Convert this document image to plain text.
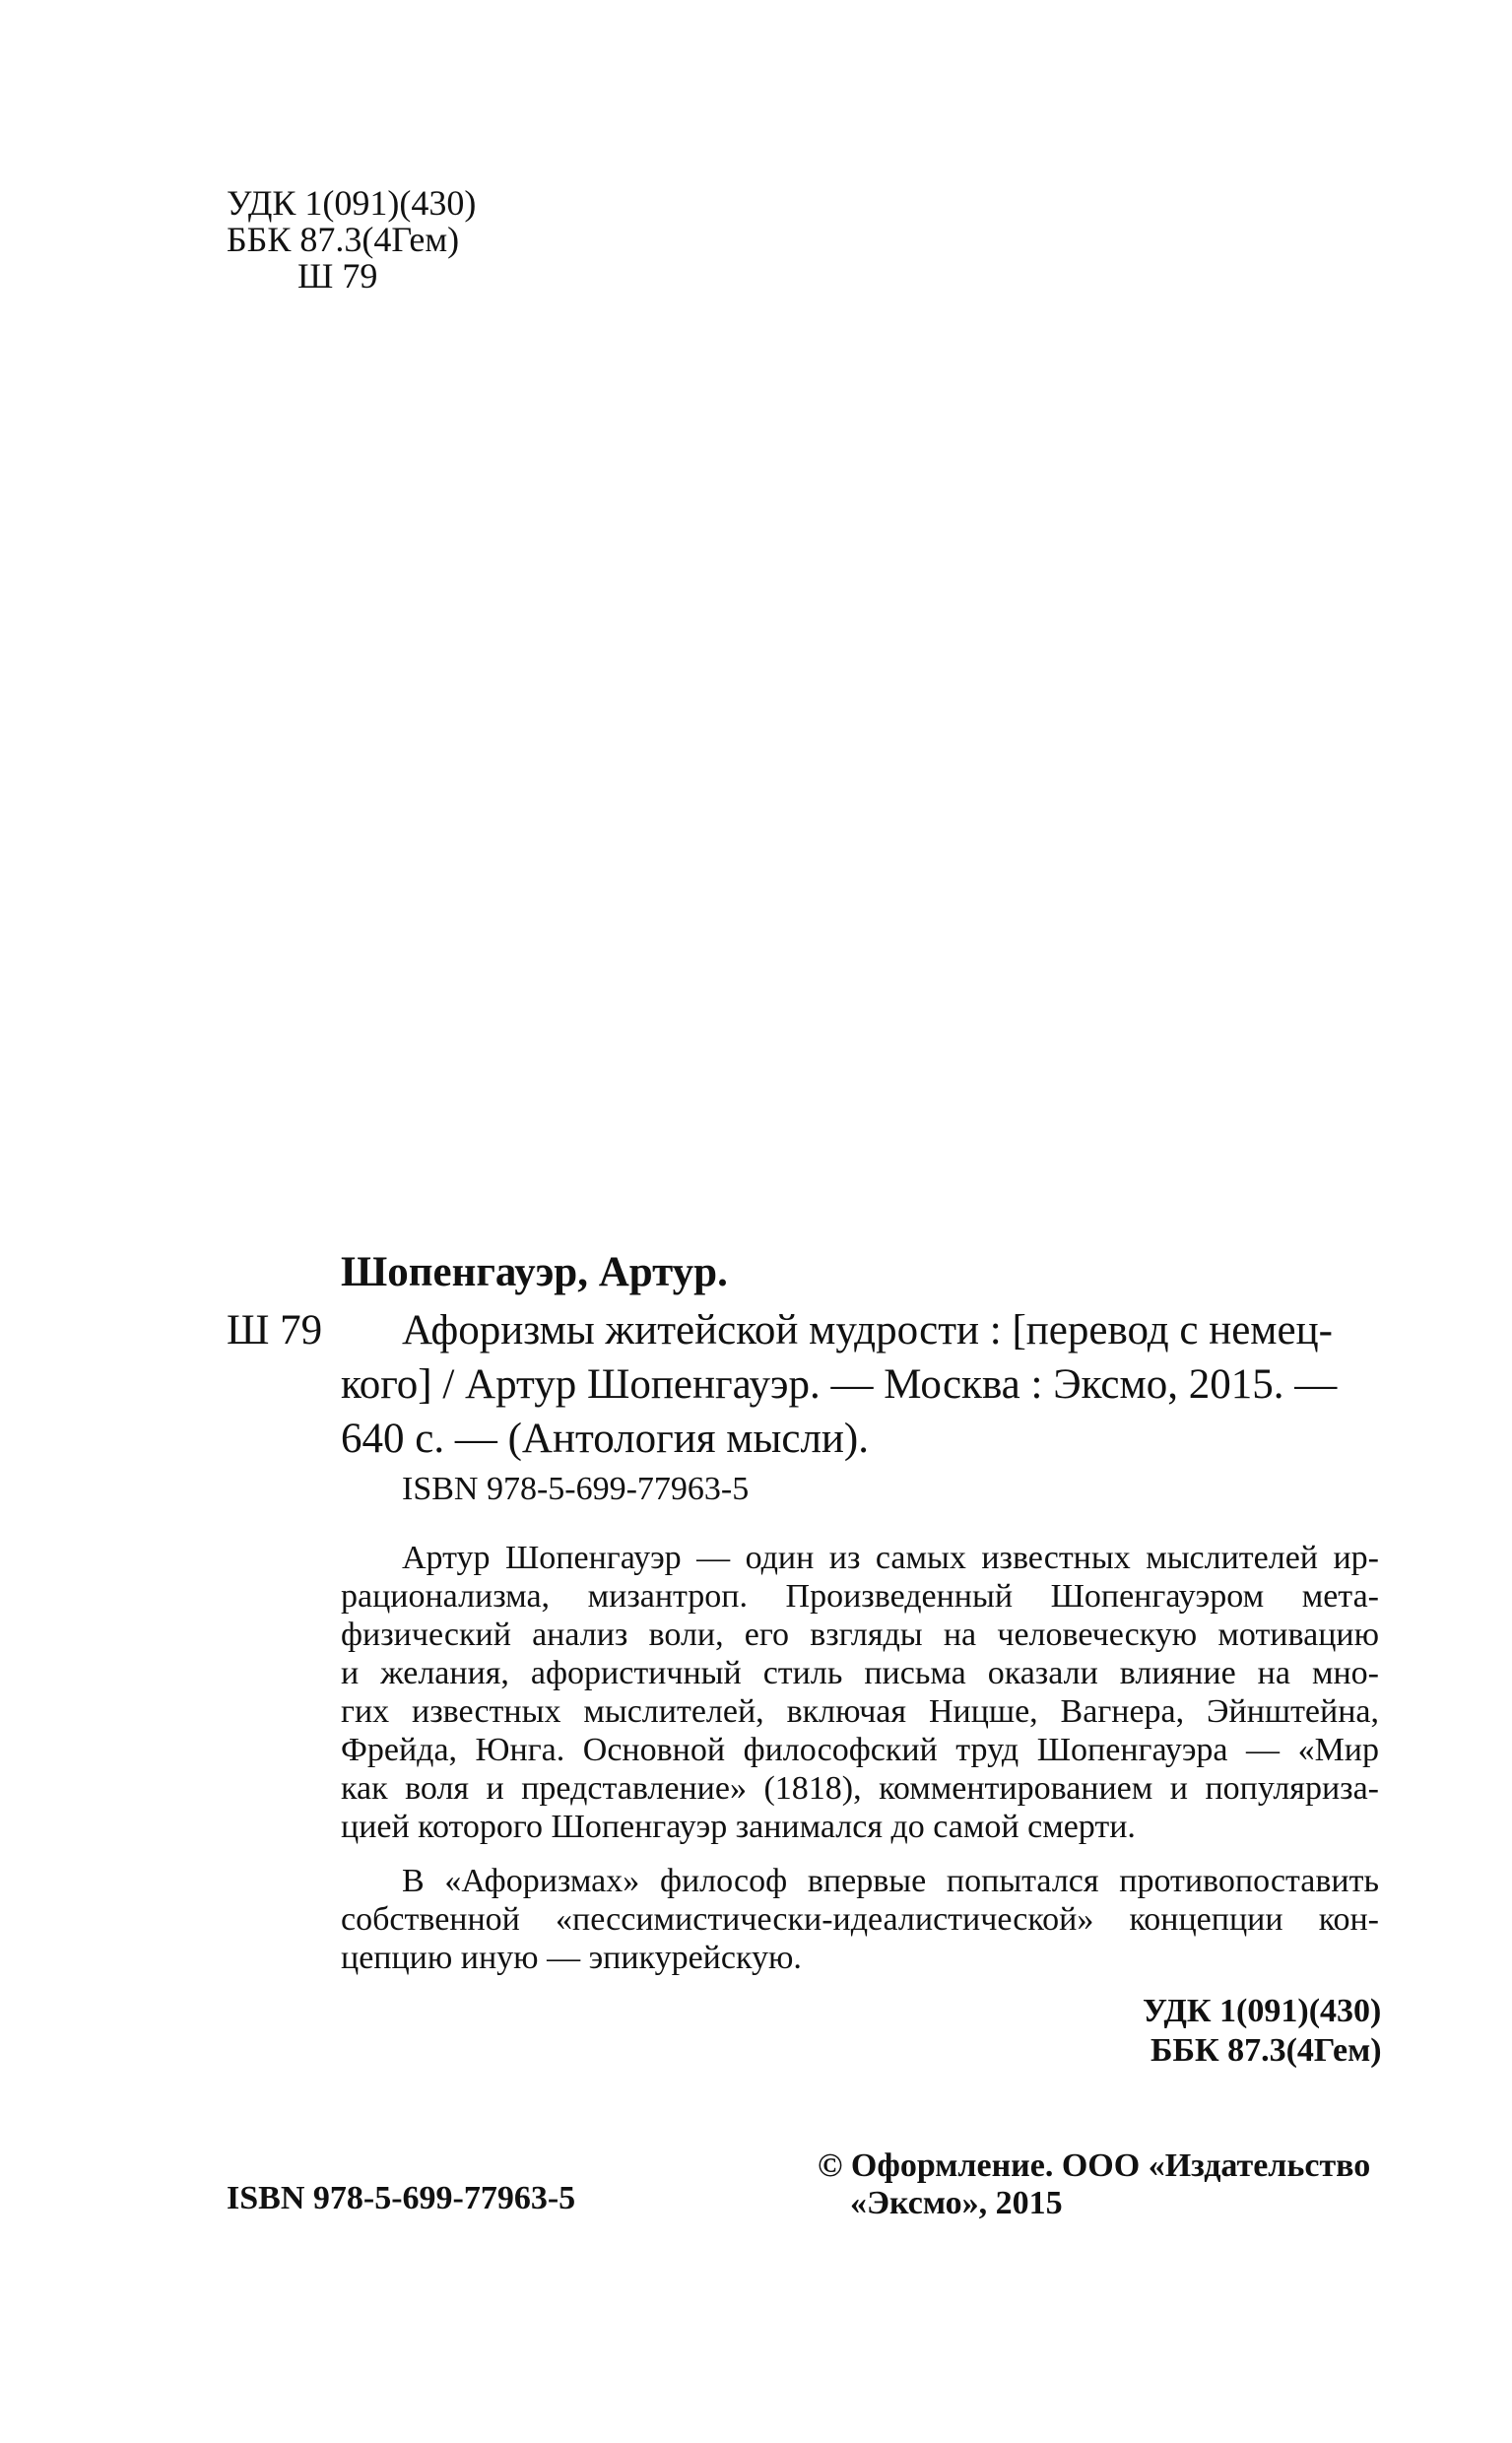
УДК 1(091)(430)
ББК 87.3(4Гем)
Ш 79
Шопенгауэр, Артур.
Ш 79 Афоризмы житейской мудрости : [перевод с немец-
кого] / Артур Шопенгауэр. — Москва : Эксмо, 2015. —
640 с. — (Антология мысли).
ISBN 978-5-699-77963-5
Артур Шопенгауэр — один из самых известных мыслителей ир-
рационализма, мизантроп. Произведенный Шопенгауэром мета-
физический анализ воли, его взгляды на человеческую мотивацию
и желания, афористичный стиль письма оказали влияние на мно-
гих известных мыслителей, включая Ницше, Вагнера, Эйнштейна,
Фрейда, Юнга. Основной философский труд Шопенгауэра — «Мир
как воля и представление» (1818), комментированием и популяриза-
цией которого Шопенгауэр занимался до самой смерти.
В «Афоризмах» философ впервые попытался противопоставить
собственной «пессимистически-идеалистической» концепции кон-
цепцию иную — эпикурейскую.
УДК 1(091)(430)
ББК 87.3(4Гем)
ISBN 978-5-699-77963-5
© Оформление. ООО «Издательство
«Эксмо», 2015
